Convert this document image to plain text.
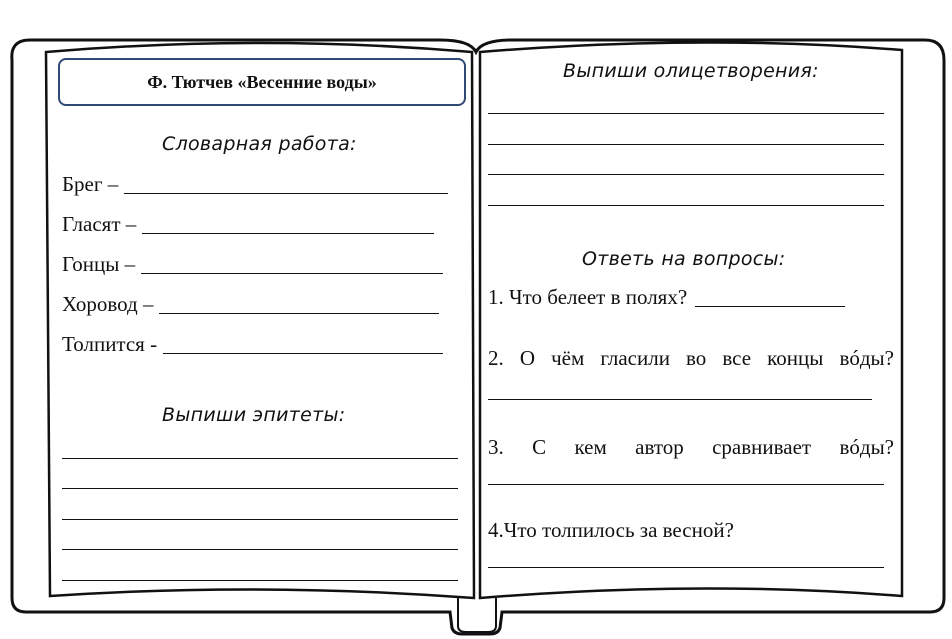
Ф. Тютчев «Весенние воды»
Словарная работа:
Брег –
Гласят –
Гонцы –
Хоровод –
Толпится -
Выпиши эпитеты:
Выпиши олицетворения:
Ответь на вопросы:
1. Что белеет в полях?
2. О чём гласили во все концы вóды?
3. С кем автор сравнивает вóды?
4.Что толпилось за весной?
